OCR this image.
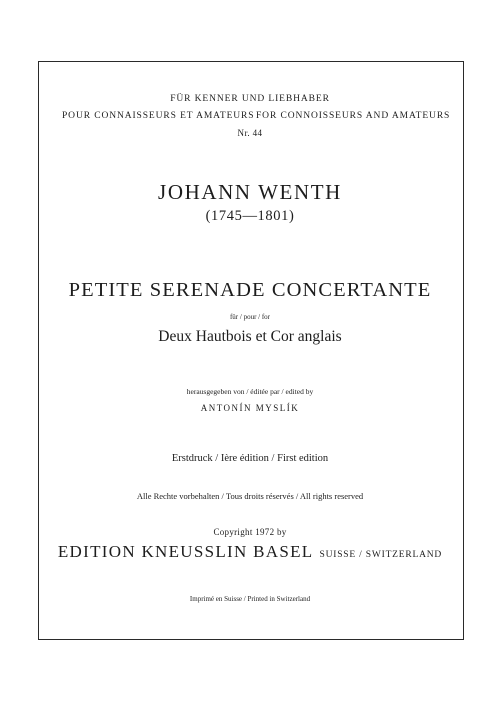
FÜR KENNER UND LIEBHABER
POUR CONNAISSEURS ET AMATEURS FOR CONNOISSEURS AND AMATEURS
Nr. 44
JOHANN WENTH
(1745—1801)
PETITE SERENADE CONCERTANTE
für / pour / for
Deux Hautbois et Cor anglais
herausgegeben von / éditée par / edited by
ANTONÍN MYSLÍK
Erstdruck / Ière édition / First edition
Alle Rechte vorbehalten / Tous droits réservés / All rights reserved
Copyright 1972 by
EDITION KNEUSSLIN BASEL SUISSE / SWITZERLAND
Imprimé en Suisse / Printed in Switzerland
